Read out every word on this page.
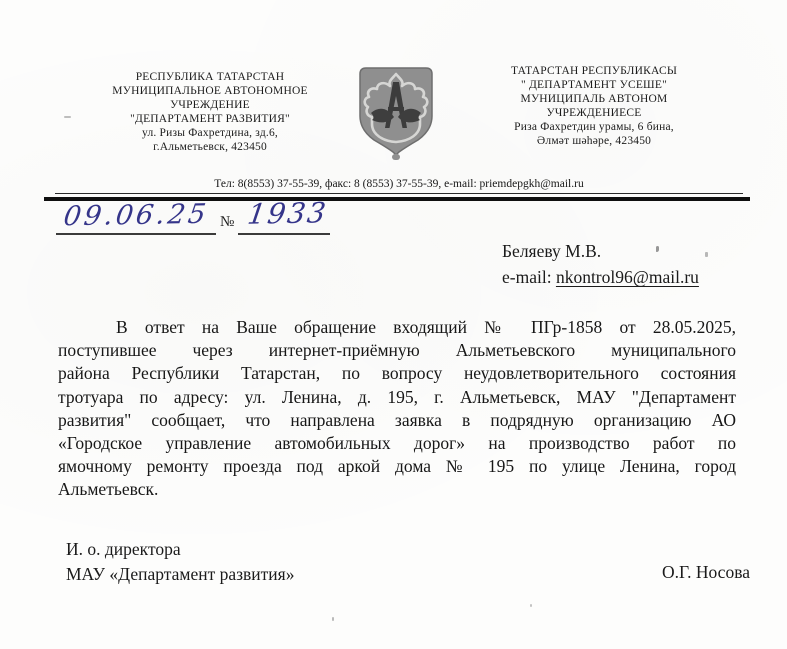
РЕСПУБЛИКА ТАТАРСТАН
МУНИЦИПАЛЬНОЕ АВТОНОМНОЕ
УЧРЕЖДЕНИЕ
"ДЕПАРТАМЕНТ РАЗВИТИЯ"
ул. Ризы Фахретдина, зд.6,
г.Альметьевск, 423450
ТАТАРСТАН РЕСПУБЛИКАСЫ
" ДЕПАРТАМЕНТ УСЕШЕ"
МУНИЦИПАЛЬ АВТОНОМ
УЧРЕЖДЕНИЕСЕ
Риза Фахретдин урамы, 6 бина,
Әлмәт шәһәре, 423450
Тел: 8(8553) 37-55-39, факс: 8 (8553) 37-55-39, e-mail: priemdepgkh@mail.ru
09.06.25 № 1933
Беляеву М.В.
e-mail: nkontrol96@mail.ru
В ответ на Ваше обращение входящий № ПГр-1858 от 28.05.2025,
поступившее через интернет-приёмную Альметьевского муниципального
района Республики Татарстан, по вопросу неудовлетворительного состояния
тротуара по адресу: ул. Ленина, д. 195, г. Альметьевск, МАУ "Департамент
развития" сообщает, что направлена заявка в подрядную организацию АО
«Городское управление автомобильных дорог» на производство работ по
ямочному ремонту проезда под аркой дома № 195 по улице Ленина, город
Альметьевск.
И. о. директора
МАУ «Департамент развития»	О.Г. Носова
